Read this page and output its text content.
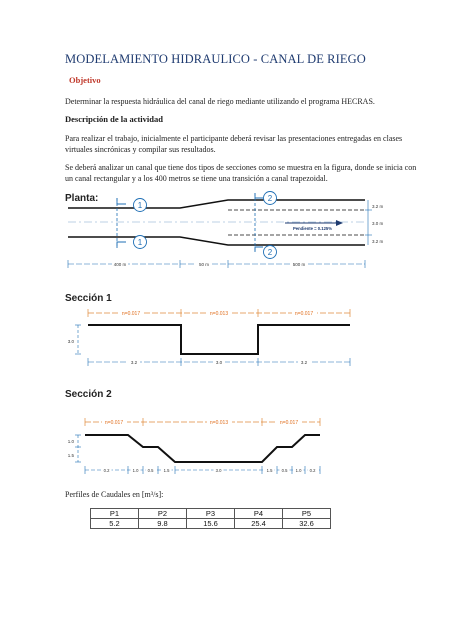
MODELAMIENTO HIDRAULICO - CANAL DE RIEGO
Objetivo
Determinar la respuesta hidráulica del canal de riego mediante utilizando el programa HECRAS.
Descripción de la actividad
Para realizar el trabajo, inicialmente el participante deberá revisar las presentaciones entregadas en clases virtuales sincrónicas y compilar sus resultados.
Se deberá analizar un canal que tiene dos tipos de secciones como se muestra en la figura, donde se inicia con un canal rectangular y a los 400 metros se tiene una transición a canal trapezoidal.
Planta:
Sección 1
Sección 2
1
1
2
2
Pendiente = 0.125%
3.2 m
3.0 m
3.2 m
400 m	50 m	500 m
n=0.017	n=0.013	n=0.017
3.0
3.2	3.0	3.2
n=0.017	n=0.013	n=0.017
1.0
1.5
0.2	1.0 0.5 1.5	3.0	1.5 0.5 1.0 0.2
Perfiles de Caudales en [m³/s]:
P1	P2	P3	P4	P5
5.2	9.8	15.6	25.4	32.6
